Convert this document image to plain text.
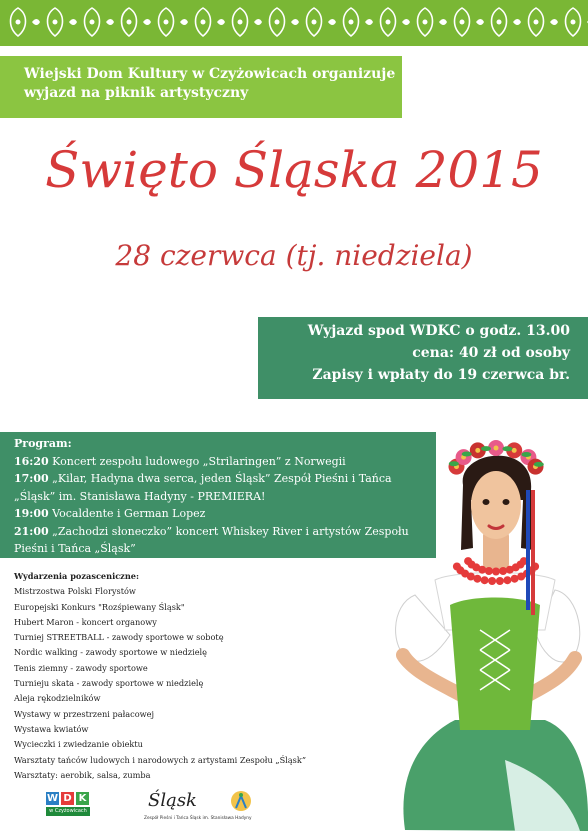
Wiejski Dom Kultury w Czyżowicach organizuje
wyjazd na piknik artystyczny
Święto Śląska 2015
28 czerwca (tj. niedziela)
Wyjazd spod WDKC o godz. 13.00
cena: 40 zł od osoby
Zapisy i wpłaty do 19 czerwca br.
Program:
16:20 Koncert zespołu ludowego „Strilaringen” z Norwegii
17:00 „Kilar, Hadyna dwa serca, jeden Śląsk” Zespół Pieśni i Tańca
„Śląsk” im. Stanisława Hadyny - PREMIERA!
19:00 Vocaldente i German Lopez
21:00 „Zachodzi słoneczko” koncert Whiskey River i artystów Zespołu
Pieśni i Tańca „Śląsk”
Wydarzenia pozasceniczne:
Mistrzostwa Polski Florystów
Europejski Konkurs "Rozśpiewany Śląsk"
Hubert Maron - koncert organowy
Turniej STREETBALL - zawody sportowe w sobotę
Nordic walking - zawody sportowe w niedzielę
Tenis ziemny - zawody sportowe
Turnieju skata - zawody sportowe w niedzielę
Aleja rękodzielników
Wystawy w przestrzeni pałacowej
Wystawa kwiatów
Wycieczki i zwiedzanie obiektu
Warsztaty tańców ludowych i narodowych z artystami Zespołu „Śląsk”
Warsztaty: aerobik, salsa, zumba
W D K
w Czyżowicach	Śląsk
Zespół Pieśni i Tańca Śląsk im. Stanisława Hadyny
